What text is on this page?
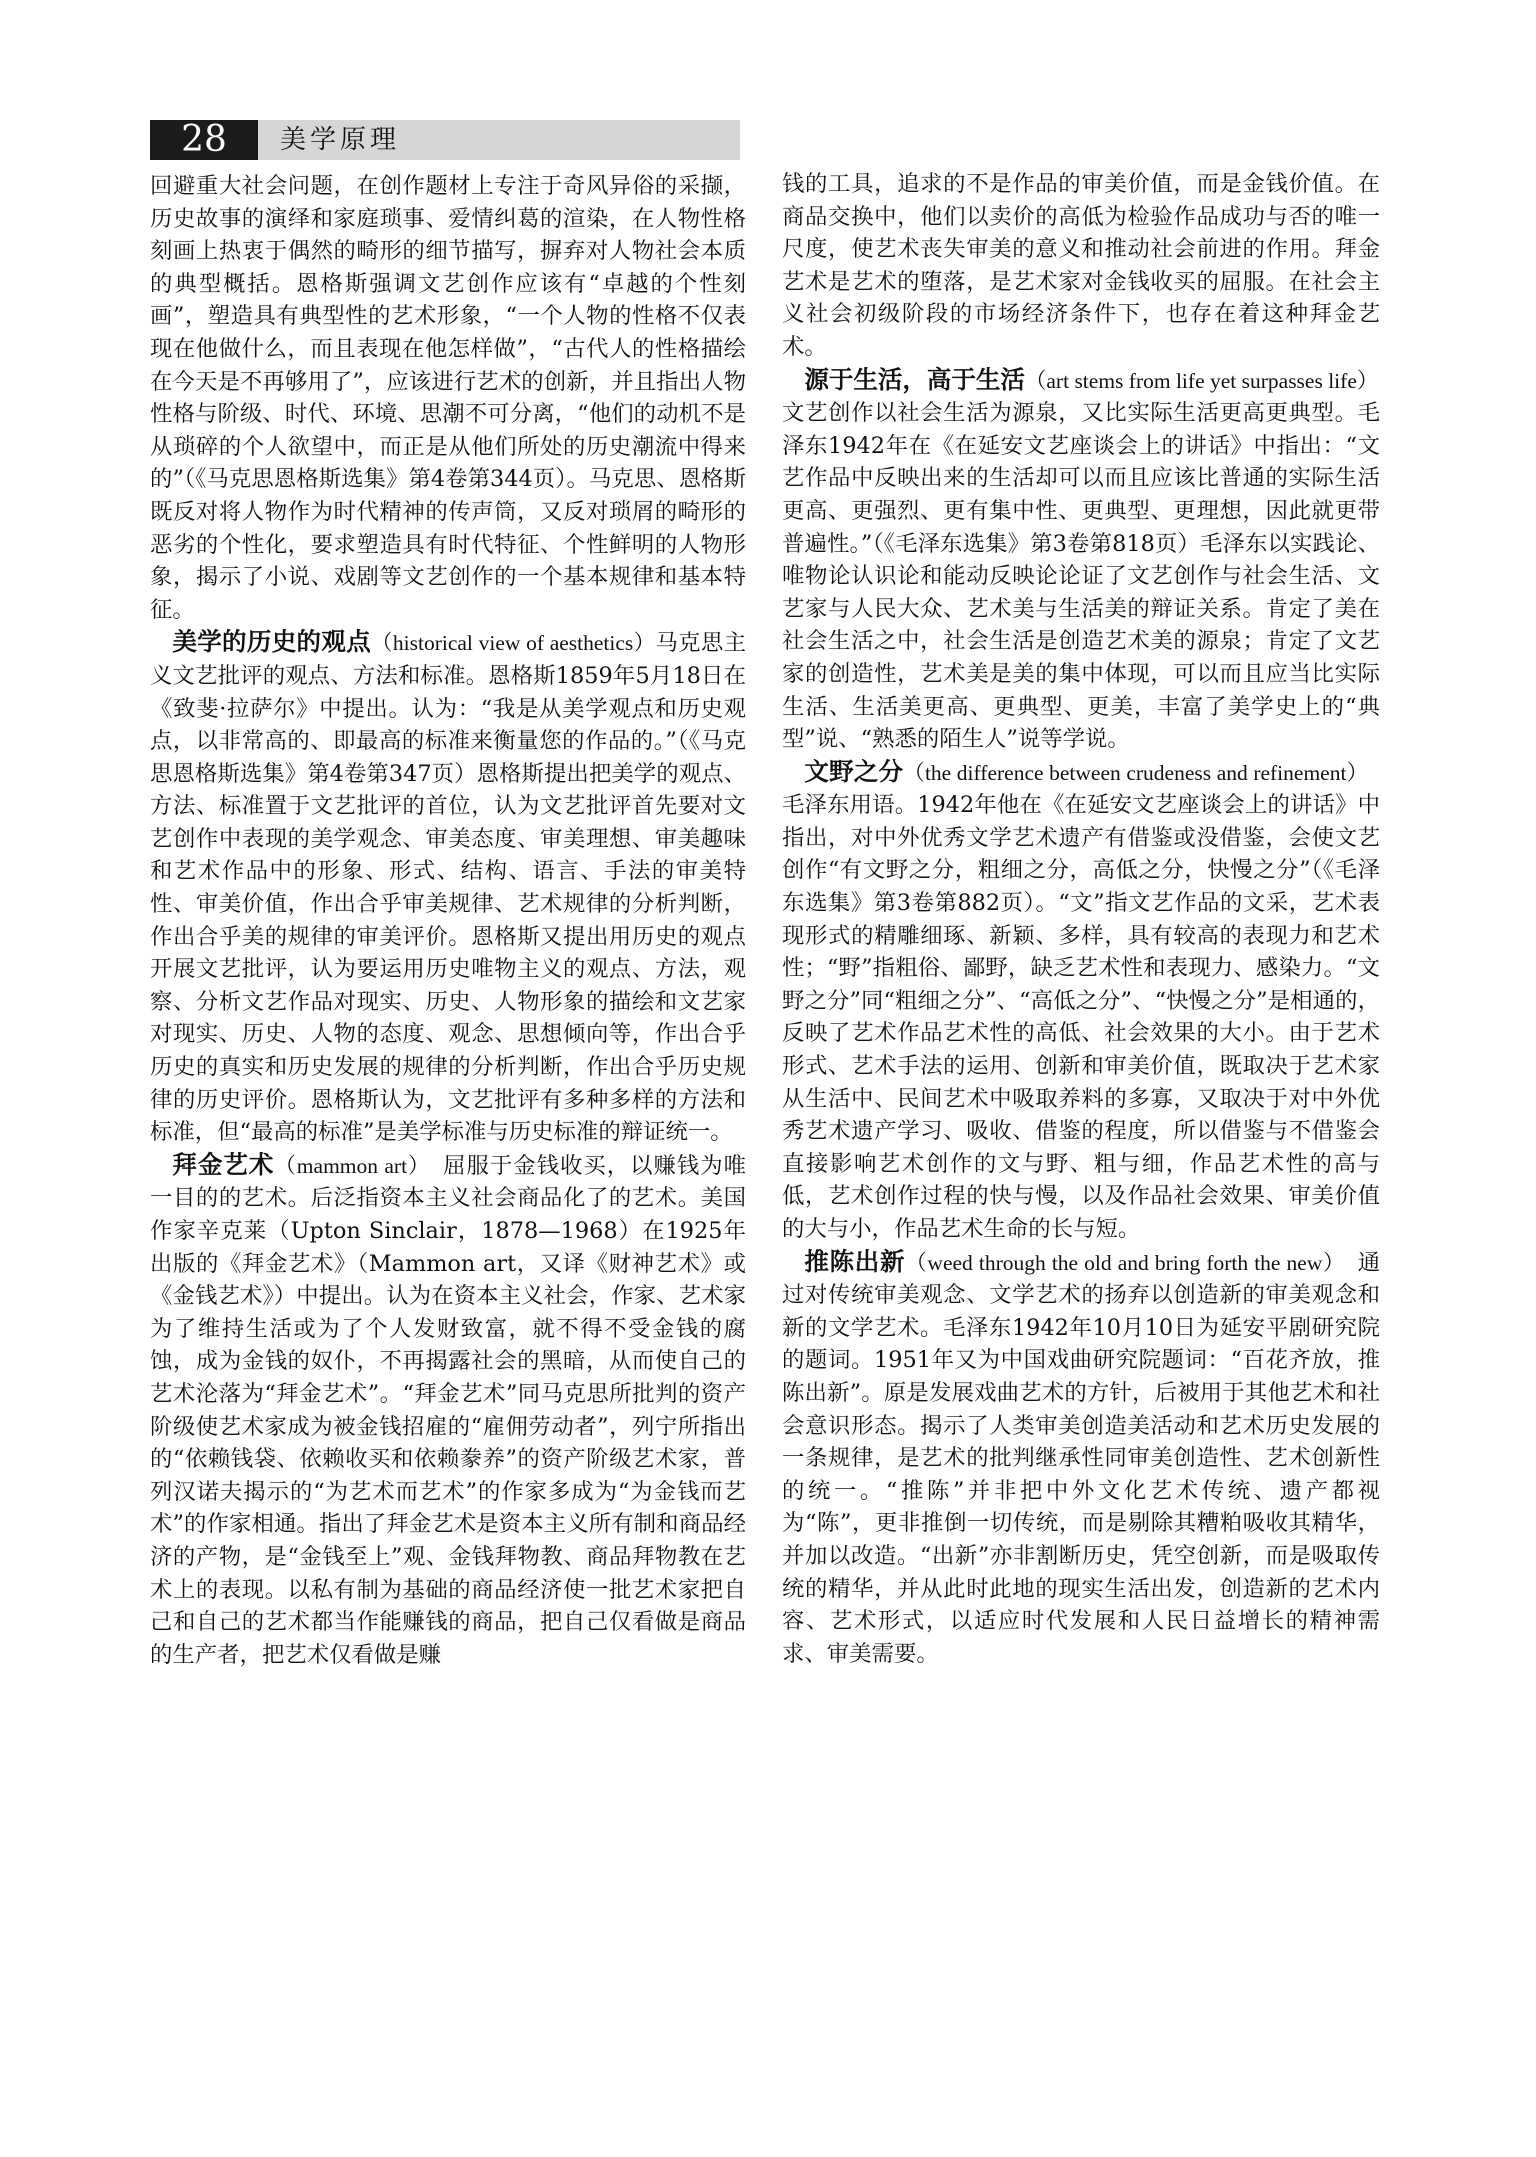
28	美学原理

回避重大社会问题，在创作题材上专注于奇风异俗的采撷，历史故事的演绎和家庭琐事、爱情纠葛的渲染，在人物性格刻画上热衷于偶然的畸形的细节描写，摒弃对人物社会本质的典型概括。恩格斯强调文艺创作应该有“卓越的个性刻画”，塑造具有典型性的艺术形象，“一个人物的性格不仅表现在他做什么，而且表现在他怎样做”，“古代人的性格描绘在今天是不再够用了”，应该进行艺术的创新，并且指出人物性格与阶级、时代、环境、思潮不可分离，“他们的动机不是从琐碎的个人欲望中，而正是从他们所处的历史潮流中得来的”（《马克思恩格斯选集》第4卷第344页）。马克思、恩格斯既反对将人物作为时代精神的传声筒，又反对琐屑的畸形的恶劣的个性化，要求塑造具有时代特征、个性鲜明的人物形象，揭示了小说、戏剧等文艺创作的一个基本规律和基本特征。

美学的历史的观点（historical view of aesthetics）马克思主义文艺批评的观点、方法和标准。恩格斯1859年5月18日在《致斐·拉萨尔》中提出。认为：“我是从美学观点和历史观点，以非常高的、即最高的标准来衡量您的作品的。”（《马克思恩格斯选集》第4卷第347页）恩格斯提出把美学的观点、方法、标准置于文艺批评的首位，认为文艺批评首先要对文艺创作中表现的美学观念、审美态度、审美理想、审美趣味和艺术作品中的形象、形式、结构、语言、手法的审美特性、审美价值，作出合乎审美规律、艺术规律的分析判断，作出合乎美的规律的审美评价。恩格斯又提出用历史的观点开展文艺批评，认为要运用历史唯物主义的观点、方法，观察、分析文艺作品对现实、历史、人物形象的描绘和文艺家对现实、历史、人物的态度、观念、思想倾向等，作出合乎历史的真实和历史发展的规律的分析判断，作出合乎历史规律的历史评价。恩格斯认为，文艺批评有多种多样的方法和标准，但“最高的标准”是美学标准与历史标准的辩证统一。

拜金艺术（mammon art）　屈服于金钱收买，以赚钱为唯一目的的艺术。后泛指资本主义社会商品化了的艺术。美国作家辛克莱（Upton Sinclair，1878—1968）在1925年出版的《拜金艺术》（Mammon art，又译《财神艺术》或《金钱艺术》）中提出。认为在资本主义社会，作家、艺术家为了维持生活或为了个人发财致富，就不得不受金钱的腐蚀，成为金钱的奴仆，不再揭露社会的黑暗，从而使自己的艺术沦落为“拜金艺术”。“拜金艺术”同马克思所批判的资产阶级使艺术家成为被金钱招雇的“雇佣劳动者”，列宁所指出的“依赖钱袋、依赖收买和依赖豢养”的资产阶级艺术家，普列汉诺夫揭示的“为艺术而艺术”的作家多成为“为金钱而艺术”的作家相通。指出了拜金艺术是资本主义所有制和商品经济的产物，是“金钱至上”观、金钱拜物教、商品拜物教在艺术上的表现。以私有制为基础的商品经济使一批艺术家把自己和自己的艺术都当作能赚钱的商品，把自己仅看做是商品的生产者，把艺术仅看做是赚

钱的工具，追求的不是作品的审美价值，而是金钱价值。在商品交换中，他们以卖价的高低为检验作品成功与否的唯一尺度，使艺术丧失审美的意义和推动社会前进的作用。拜金艺术是艺术的堕落，是艺术家对金钱收买的屈服。在社会主义社会初级阶段的市场经济条件下，也存在着这种拜金艺术。

源于生活，高于生活（art stems from life yet surpasses life）　文艺创作以社会生活为源泉，又比实际生活更高更典型。毛泽东1942年在《在延安文艺座谈会上的讲话》中指出：“文艺作品中反映出来的生活却可以而且应该比普通的实际生活更高、更强烈、更有集中性、更典型、更理想，因此就更带普遍性。”（《毛泽东选集》第3卷第818页）毛泽东以实践论、唯物论认识论和能动反映论论证了文艺创作与社会生活、文艺家与人民大众、艺术美与生活美的辩证关系。肯定了美在社会生活之中，社会生活是创造艺术美的源泉；肯定了文艺家的创造性，艺术美是美的集中体现，可以而且应当比实际生活、生活美更高、更典型、更美，丰富了美学史上的“典型”说、“熟悉的陌生人”说等学说。

文野之分（the difference between crudeness and refinement）　毛泽东用语。1942年他在《在延安文艺座谈会上的讲话》中指出，对中外优秀文学艺术遗产有借鉴或没借鉴，会使文艺创作“有文野之分，粗细之分，高低之分，快慢之分”（《毛泽东选集》第3卷第882页）。“文”指文艺作品的文采，艺术表现形式的精雕细琢、新颖、多样，具有较高的表现力和艺术性；“野”指粗俗、鄙野，缺乏艺术性和表现力、感染力。“文野之分”同“粗细之分”、“高低之分”、“快慢之分”是相通的，反映了艺术作品艺术性的高低、社会效果的大小。由于艺术形式、艺术手法的运用、创新和审美价值，既取决于艺术家从生活中、民间艺术中吸取养料的多寡，又取决于对中外优秀艺术遗产学习、吸收、借鉴的程度，所以借鉴与不借鉴会直接影响艺术创作的文与野、粗与细，作品艺术性的高与低，艺术创作过程的快与慢，以及作品社会效果、审美价值的大与小，作品艺术生命的长与短。

推陈出新（weed through the old and bring forth the new）　通过对传统审美观念、文学艺术的扬弃以创造新的审美观念和新的文学艺术。毛泽东1942年10月10日为延安平剧研究院的题词。1951年又为中国戏曲研究院题词：“百花齐放，推陈出新”。原是发展戏曲艺术的方针，后被用于其他艺术和社会意识形态。揭示了人类审美创造美活动和艺术历史发展的一条规律，是艺术的批判继承性同审美创造性、艺术创新性的统一。“推陈”并非把中外文化艺术传统、遗产都视为“陈”，更非推倒一切传统，而是剔除其糟粕吸收其精华，并加以改造。“出新”亦非割断历史，凭空创新，而是吸取传统的精华，并从此时此地的现实生活出发，创造新的艺术内容、艺术形式，以适应时代发展和人民日益增长的精神需求、审美需要。
